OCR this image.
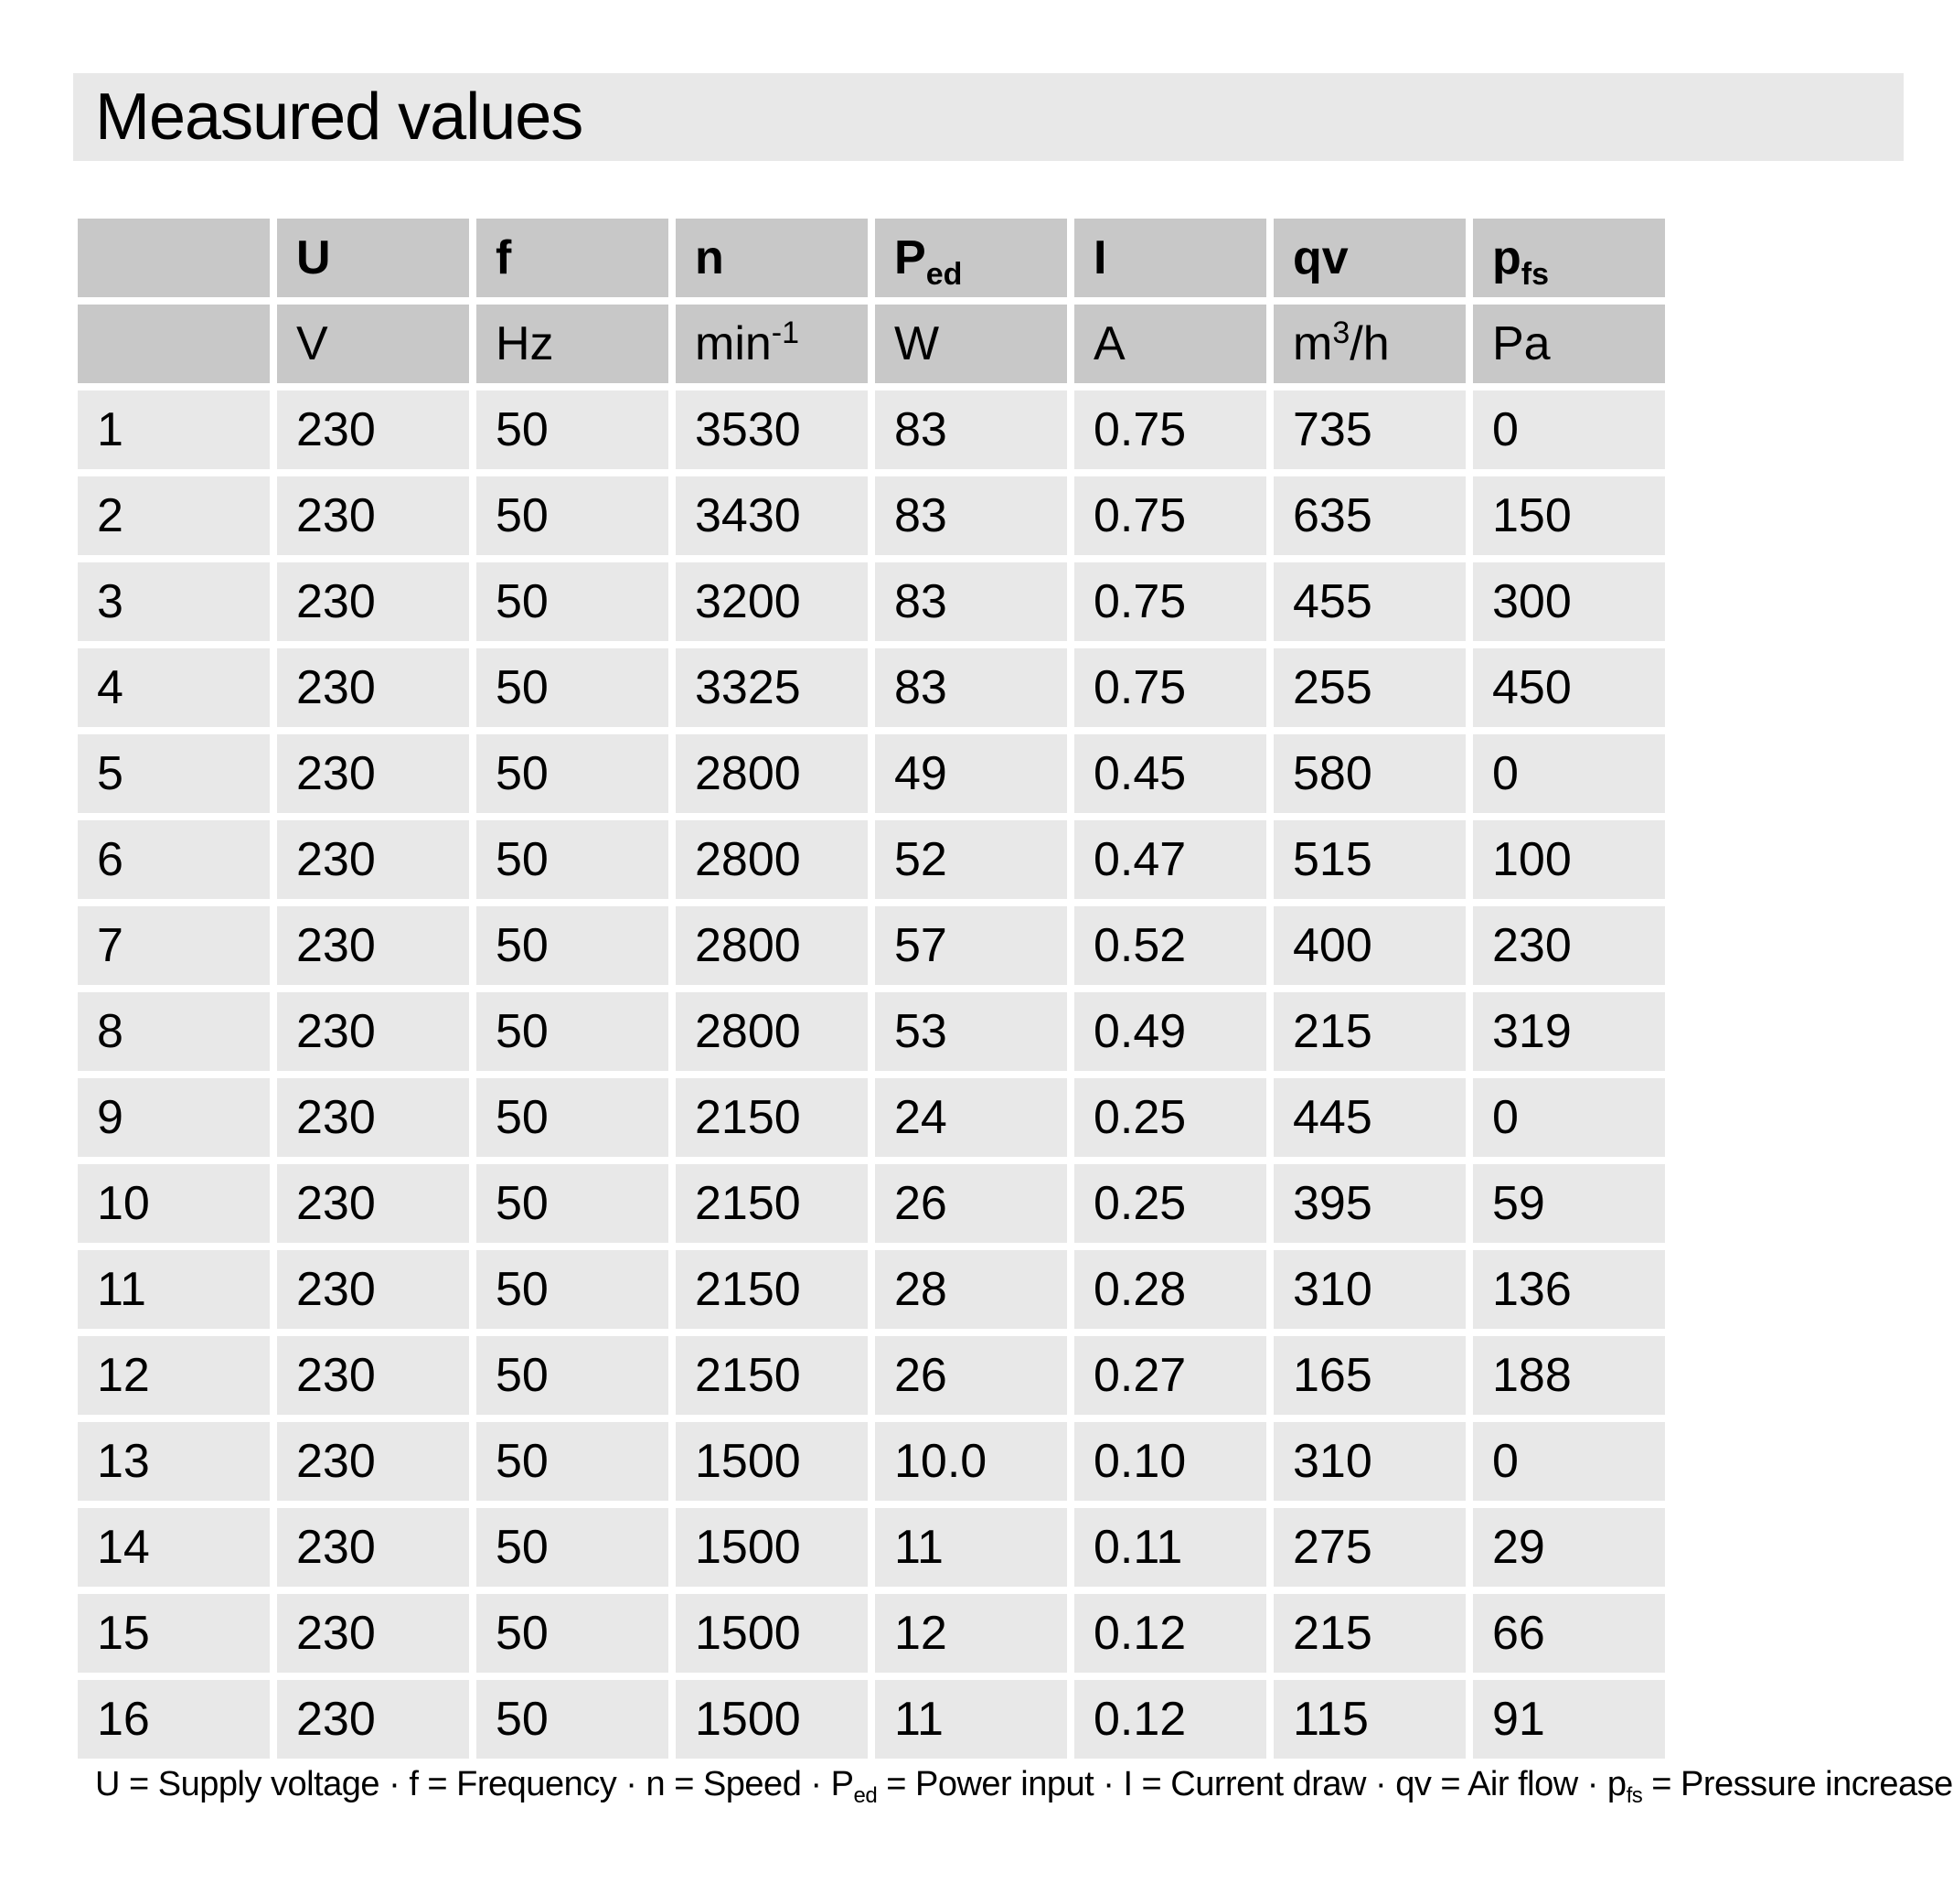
Measured values
	U	f	n	$P_{ed}$	I	qv	$p_{fs}$
	V	Hz	$\min^{-1}$	W	A	$m^3/h$	Pa
1	230	50	3530	83	0.75	735	0
2	230	50	3430	83	0.75	635	150
3	230	50	3200	83	0.75	455	300
4	230	50	3325	83	0.75	255	450
5	230	50	2800	49	0.45	580	0
6	230	50	2800	52	0.47	515	100
7	230	50	2800	57	0.52	400	230
8	230	50	2800	53	0.49	215	319
9	230	50	2150	24	0.25	445	0
10	230	50	2150	26	0.25	395	59
11	230	50	2150	28	0.28	310	136
12	230	50	2150	26	0.27	165	188
13	230	50	1500	10.0	0.10	310	0
14	230	50	1500	11	0.11	275	29
15	230	50	1500	12	0.12	215	66
16	230	50	1500	11	0.12	115	91
U = Supply voltage · f = Frequency · n = Speed · $P_{ed}$ = Power input · I = Current draw · qv = Air flow · $p_{fs}$ = Pressure increase
